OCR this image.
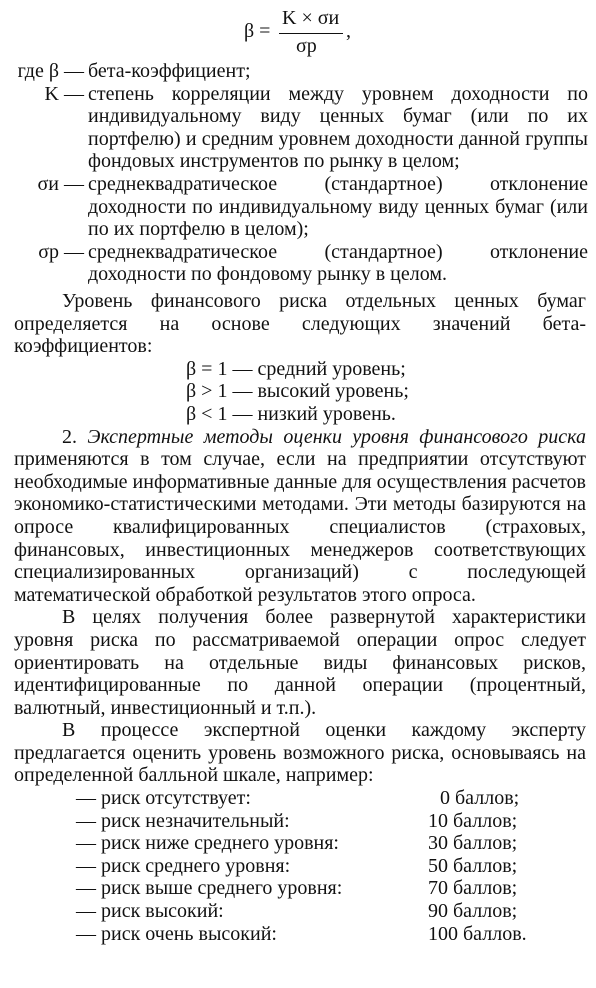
β =
K × σи
σр
,
где β — бета-коэффициент;
K — степень корреляции между уровнем доходности по индивидуальному виду ценных бумаг (или по их портфелю) и средним уровнем доходности данной группы фондовых инструментов по рынку в целом;
σи — среднеквадратическое (стандартное) отклонение доходности по индивидуальному виду ценных бумаг (или по их портфелю в целом);
σр — среднеквадратическое (стандартное) отклонение доходности по фондовому рынку в целом.

Уровень финансового риска отдельных ценных бумаг определяется на основе следующих значений бета-коэффициентов:

β = 1 — средний уровень;
β > 1 — высокий уровень;
β < 1 — низкий уровень.

2. Экспертные методы оценки уровня финансового риска применяются в том случае, если на предприятии отсутствуют необходимые информативные данные для осуществления расчетов экономико-статистическими методами. Эти методы базируются на опросе квалифицированных специалистов (страховых, финансовых, инвестиционных менеджеров соответствующих специализированных организаций) с последующей математической обработкой результатов этого опроса.

В целях получения более развернутой характеристики уровня риска по рассматриваемой операции опрос следует ориентировать на отдельные виды финансовых рисков, идентифицированные по данной операции (процентный, валютный, инвестиционный и т.п.).

В процессе экспертной оценки каждому эксперту предлагается оценить уровень возможного риска, основываясь на определенной балльной шкале, например:

— риск отсутствует:	0 баллов;
— риск незначительный:	10 баллов;
— риск ниже среднего уровня:	30 баллов;
— риск среднего уровня:	50 баллов;
— риск выше среднего уровня:	70 баллов;
— риск высокий:	90 баллов;
— риск очень высокий:	100 баллов.
